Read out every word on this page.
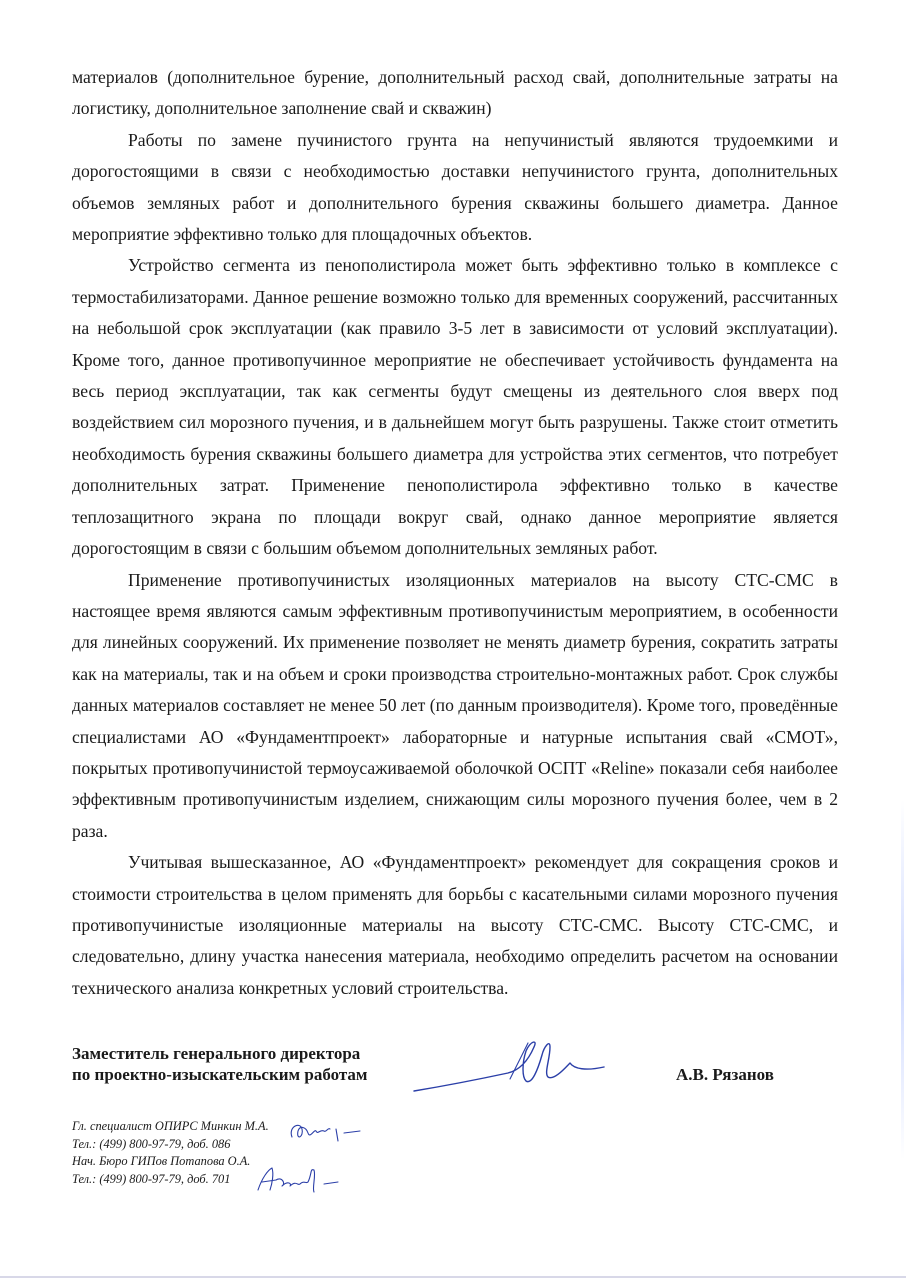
материалов (дополнительное бурение, дополнительный расход свай, дополнительные затраты на логистику, дополнительное заполнение свай и скважин)

Работы по замене пучинистого грунта на непучинистый являются трудоемкими и дорогостоящими в связи с необходимостью доставки непучинистого грунта, дополнительных объемов земляных работ и дополнительного бурения скважины большего диаметра. Данное мероприятие эффективно только для площадочных объектов.

Устройство сегмента из пенополистирола может быть эффективно только в комплексе с термостабилизаторами. Данное решение возможно только для временных сооружений, рассчитанных на небольшой срок эксплуатации (как правило 3-5 лет в зависимости от условий эксплуатации). Кроме того, данное противопучинное мероприятие не обеспечивает устойчивость фундамента на весь период эксплуатации, так как сегменты будут смещены из деятельного слоя вверх под воздействием сил морозного пучения, и в дальнейшем могут быть разрушены. Также стоит отметить необходимость бурения скважины большего диаметра для устройства этих сегментов, что потребует дополнительных затрат. Применение пенополистирола эффективно только в качестве теплозащитного экрана по площади вокруг свай, однако данное мероприятие является дорогостоящим в связи с большим объемом дополнительных земляных работ.

Применение противопучинистых изоляционных материалов на высоту СТС-СМС в настоящее время являются самым эффективным противопучинистым мероприятием, в особенности для линейных сооружений. Их применение позволяет не менять диаметр бурения, сократить затраты как на материалы, так и на объем и сроки производства строительно-монтажных работ. Срок службы данных материалов составляет не менее 50 лет (по данным производителя). Кроме того, проведённые специалистами АО «Фундаментпроект» лабораторные и натурные испытания свай «СМОТ», покрытых противопучинистой термоусаживаемой оболочкой ОСПТ «Reline» показали себя наиболее эффективным противопучинистым изделием, снижающим силы морозного пучения более, чем в 2 раза.

Учитывая вышесказанное, АО «Фундаментпроект» рекомендует для сокращения сроков и стоимости строительства в целом применять для борьбы с касательными силами морозного пучения противопучинистые изоляционные материалы на высоту СТС-СМС. Высоту СТС-СМС, и следовательно, длину участка нанесения материала, необходимо определить расчетом на основании технического анализа конкретных условий строительства.

Заместитель генерального директора
по проектно-изыскательским работам	А.В. Рязанов
Гл. специалист ОПИРС Минкин М.А.
Тел.: (499) 800-97-79, доб. 086
Нач. Бюро ГИПов Потапова О.А.
Тел.: (499) 800-97-79, доб. 701
